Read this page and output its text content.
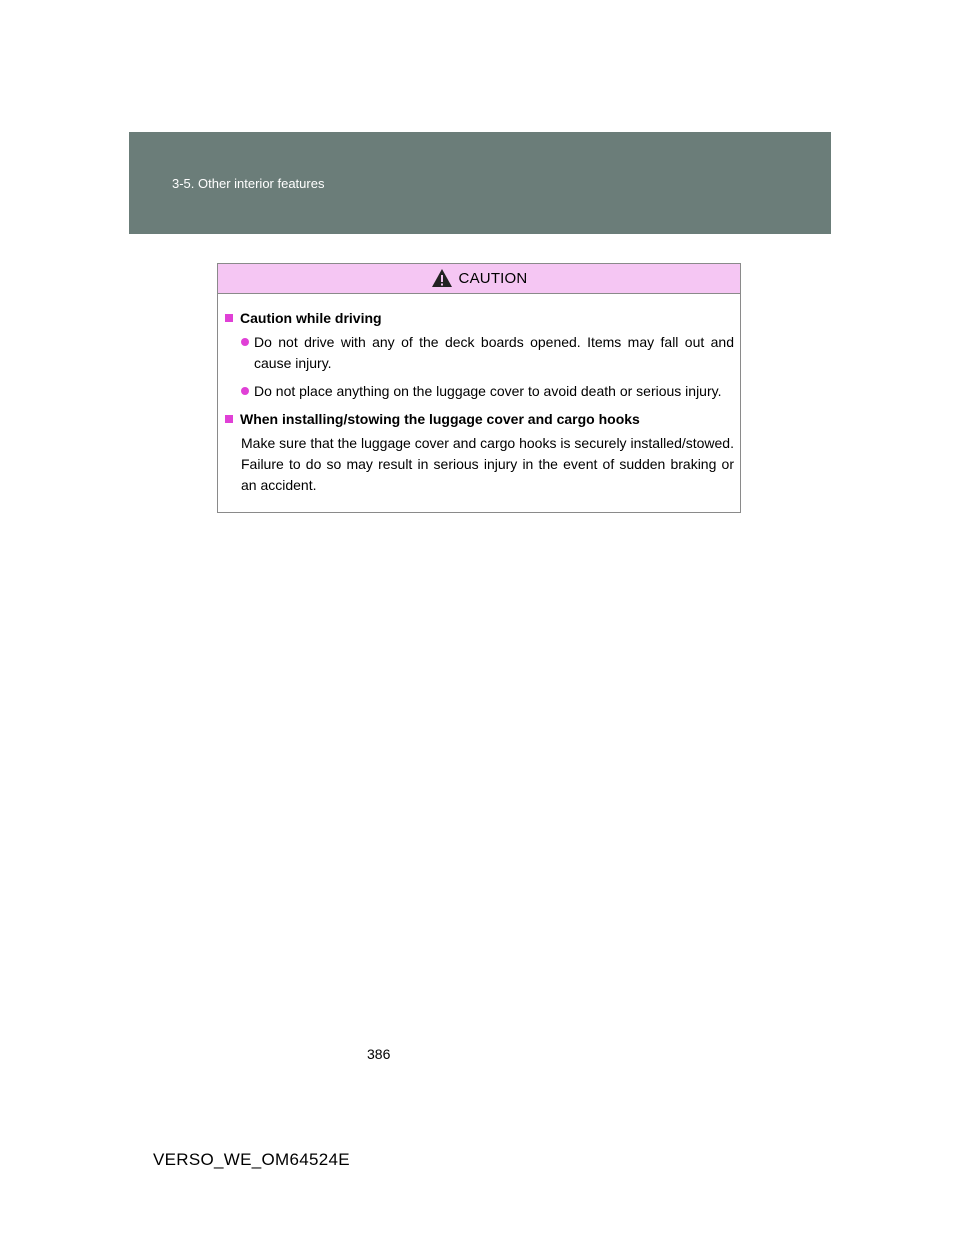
3-5. Other interior features
CAUTION
Caution while driving
Do not drive with any of the deck boards opened. Items may fall out and cause injury.
Do not place anything on the luggage cover to avoid death or serious injury.
When installing/stowing the luggage cover and cargo hooks

Make sure that the luggage cover and cargo hooks is securely installed/stowed. Failure to do so may result in serious injury in the event of sudden braking or an accident.

386
VERSO_WE_OM64524E
